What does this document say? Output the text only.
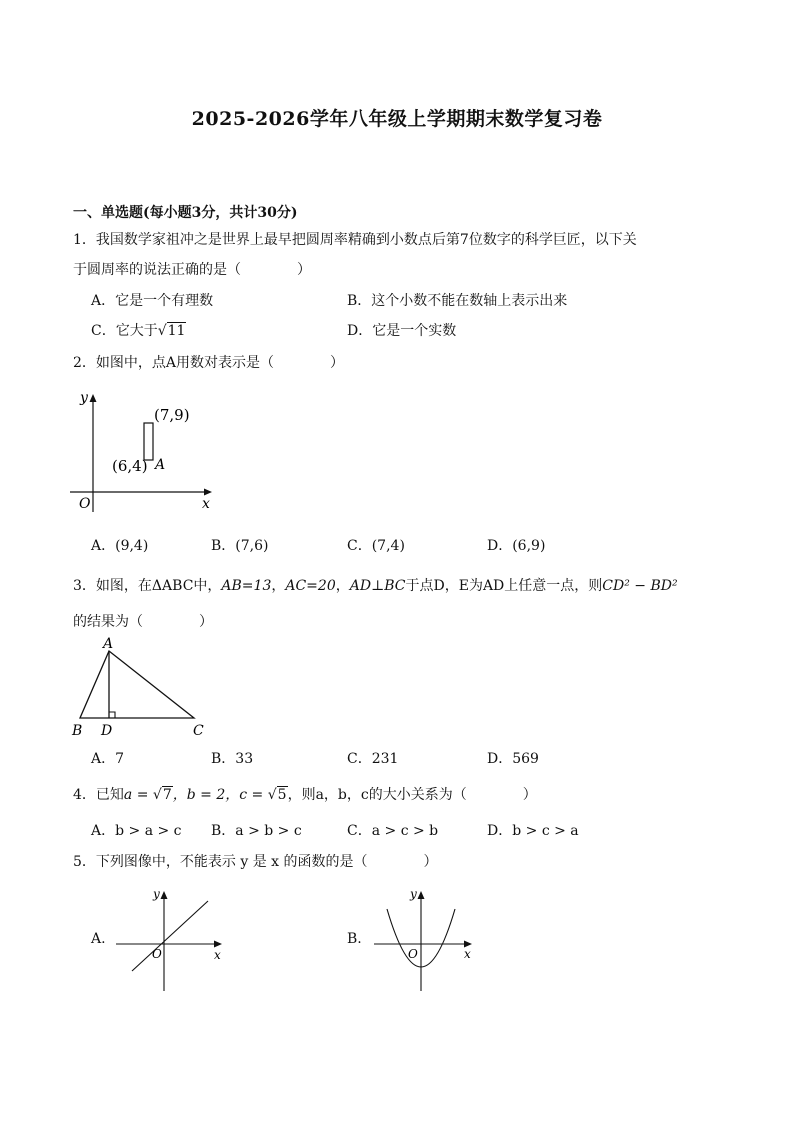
2025-2026学年八年级上学期期末数学复习卷
一、单选题(每小题3分，共计30分)
1．我国数学家祖冲之是世界上最早把圆周率精确到小数点后第7位数字的科学巨匠，以下关
于圆周率的说法正确的是（　　　　）
A．它是一个有理数	B．这个小数不能在数轴上表示出来
C．它大于√11	D．它是一个实数
2．如图中，点A用数对表示是（　　　　）
y
x
O
(7,9)
(6,4) A
A．(9,4)	B．(7,6)	C．(7,4)	D．(6,9)
3．如图，在ΔABC中，AB=13，AC=20，AD⊥BC于点D，E为AD上任意一点，则CD² − BD²
的结果为（　　　　）
A
B D	C
A．7	B．33	C．231	D．569
4．已知a = √7，b = 2，c = √5，则a，b，c的大小关系为（　　　　）
A．b > a > c B．a > b > c	C．a > c > b	D．b > c > a
5．下列图像中，不能表示 y 是 x 的函数的是（　　　　）
A.
y
x
O
B.
y
x
O
